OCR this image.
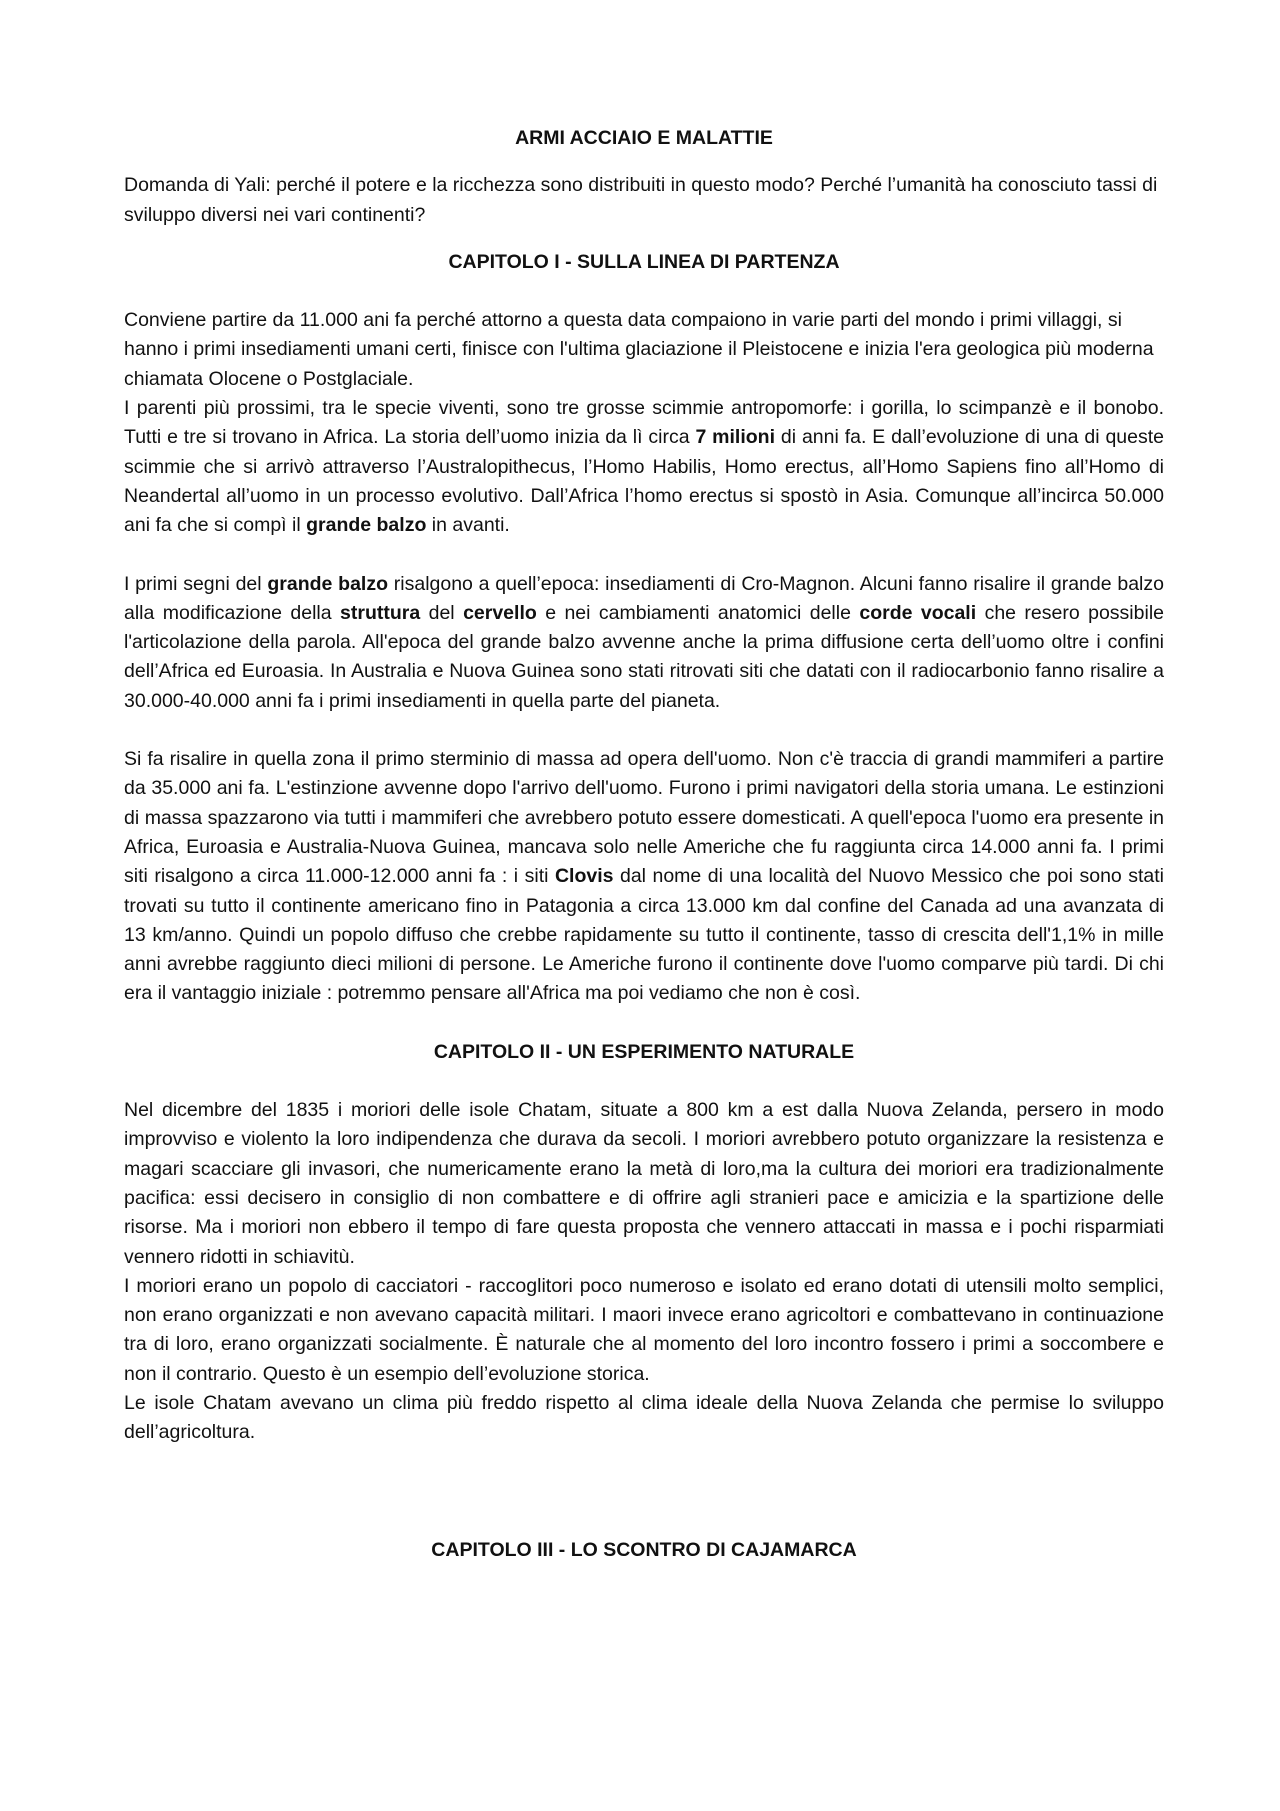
ARMI ACCIAIO E MALATTIE

Domanda di Yali: perché il potere e la ricchezza sono distribuiti in questo modo? Perché l’umanità ha conosciuto tassi di sviluppo diversi nei vari continenti?

CAPITOLO I - SULLA LINEA DI PARTENZA

Conviene partire da 11.000 ani fa perché attorno a questa data compaiono in varie parti del mondo i primi villaggi, si hanno i primi insediamenti umani certi, finisce con l'ultima glaciazione il Pleistocene e inizia l'era geologica più moderna chiamata Olocene o Postglaciale.

I parenti più prossimi, tra le specie viventi, sono tre grosse scimmie antropomorfe: i gorilla, lo scimpanzè e il bonobo. Tutti e tre si trovano in Africa. La storia dell’uomo inizia da lì circa 7 milioni di anni fa. E dall’evoluzione di una di queste scimmie che si arrivò attraverso l’Australopithecus, l’Homo Habilis, Homo erectus, all’Homo Sapiens fino all’Homo di Neandertal all’uomo in un processo evolutivo. Dall’Africa l’homo erectus si spostò in Asia. Comunque all’incirca 50.000 ani fa che si compì il grande balzo in avanti.

I primi segni del grande balzo risalgono a quell’epoca: insediamenti di Cro-Magnon. Alcuni fanno risalire il grande balzo alla modificazione della struttura del cervello e nei cambiamenti anatomici delle corde vocali che resero possibile l'articolazione della parola. All'epoca del grande balzo avvenne anche la prima diffusione certa dell’uomo oltre i confini dell’Africa ed Euroasia. In Australia e Nuova Guinea sono stati ritrovati siti che datati con il radiocarbonio fanno risalire a 30.000-40.000 anni fa i primi insediamenti in quella parte del pianeta.

Si fa risalire in quella zona il primo sterminio di massa ad opera dell'uomo. Non c'è traccia di grandi mammiferi a partire da 35.000 ani fa. L'estinzione avvenne dopo l'arrivo dell'uomo. Furono i primi navigatori della storia umana. Le estinzioni di massa spazzarono via tutti i mammiferi che avrebbero potuto essere domesticati. A quell'epoca l'uomo era presente in Africa, Euroasia e Australia-Nuova Guinea, mancava solo nelle Americhe che fu raggiunta circa 14.000 anni fa. I primi siti risalgono a circa 11.000-12.000 anni fa : i siti Clovis dal nome di una località del Nuovo Messico che poi sono stati trovati su tutto il continente americano fino in Patagonia a circa 13.000 km dal confine del Canada ad una avanzata di 13 km/anno. Quindi un popolo diffuso che crebbe rapidamente su tutto il continente, tasso di crescita dell'1,1% in mille anni avrebbe raggiunto dieci milioni di persone. Le Americhe furono il continente dove l'uomo comparve più tardi. Di chi era il vantaggio iniziale : potremmo pensare all'Africa ma poi vediamo che non è così.

CAPITOLO II - UN ESPERIMENTO NATURALE

Nel dicembre del 1835 i moriori delle isole Chatam, situate a 800 km a est dalla Nuova Zelanda, persero in modo improvviso e violento la loro indipendenza che durava da secoli. I moriori avrebbero potuto organizzare la resistenza e magari scacciare gli invasori, che numericamente erano la metà di loro,ma la cultura dei moriori era tradizionalmente pacifica: essi decisero in consiglio di non combattere e di offrire agli stranieri pace e amicizia e la spartizione delle risorse. Ma i moriori non ebbero il tempo di fare questa proposta che vennero attaccati in massa e i pochi risparmiati vennero ridotti in schiavitù.

I moriori erano un popolo di cacciatori - raccoglitori poco numeroso e isolato ed erano dotati di utensili molto semplici, non erano organizzati e non avevano capacità militari. I maori invece erano agricoltori e combattevano in continuazione tra di loro, erano organizzati socialmente. È naturale che al momento del loro incontro fossero i primi a soccombere e non il contrario. Questo è un esempio dell’evoluzione storica.

Le isole Chatam avevano un clima più freddo rispetto al clima ideale della Nuova Zelanda che permise lo sviluppo dell’agricoltura.

CAPITOLO III - LO SCONTRO DI CAJAMARCA
